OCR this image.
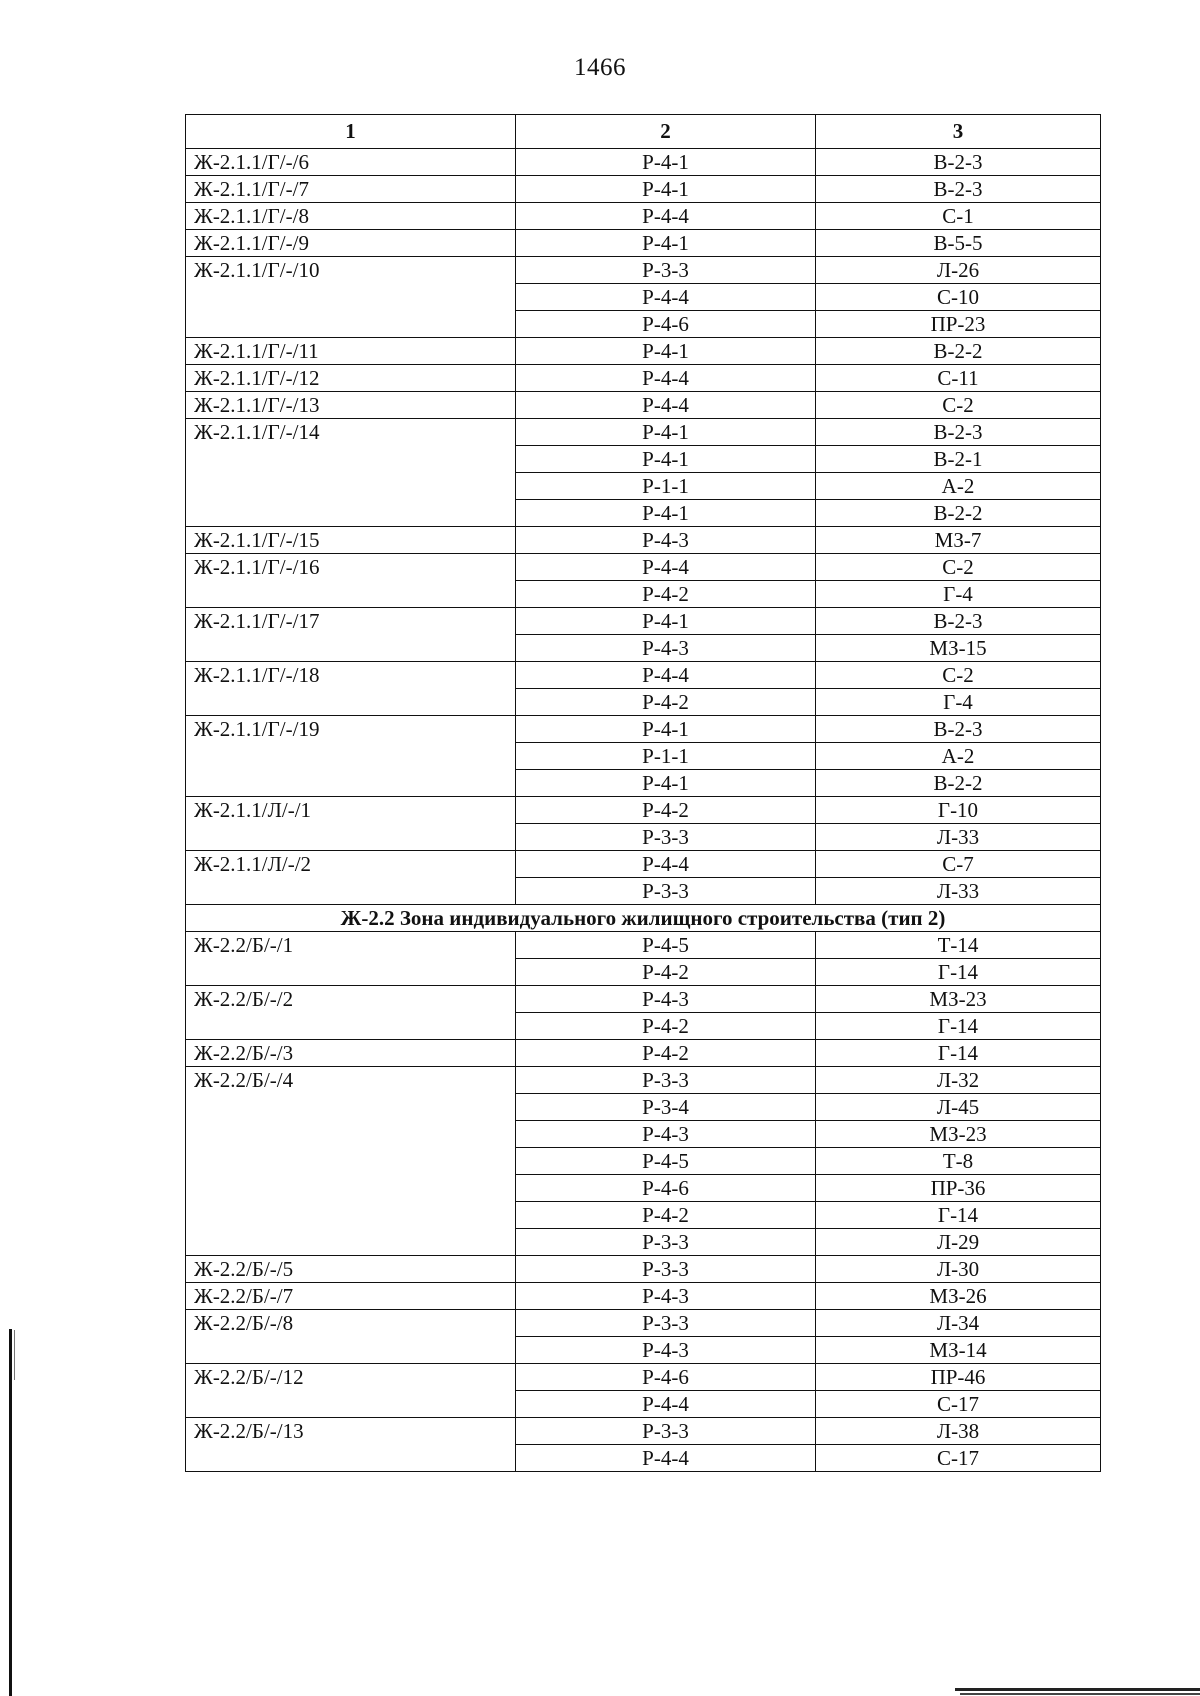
1466
1	2	3
Ж-2.1.1/Г/-/6	Р-4-1	В-2-3
Ж-2.1.1/Г/-/7	Р-4-1	В-2-3
Ж-2.1.1/Г/-/8	Р-4-4	С-1
Ж-2.1.1/Г/-/9	Р-4-1	В-5-5
Ж-2.1.1/Г/-/10	Р-3-3	Л-26
	Р-4-4	С-10
	Р-4-6	ПР-23
Ж-2.1.1/Г/-/11	Р-4-1	В-2-2
Ж-2.1.1/Г/-/12	Р-4-4	С-11
Ж-2.1.1/Г/-/13	Р-4-4	С-2
Ж-2.1.1/Г/-/14	Р-4-1	В-2-3
	Р-4-1	В-2-1
	Р-1-1	А-2
	Р-4-1	В-2-2
Ж-2.1.1/Г/-/15	Р-4-3	МЗ-7
Ж-2.1.1/Г/-/16	Р-4-4	С-2
	Р-4-2	Г-4
Ж-2.1.1/Г/-/17	Р-4-1	В-2-3
	Р-4-3	МЗ-15
Ж-2.1.1/Г/-/18	Р-4-4	С-2
	Р-4-2	Г-4
Ж-2.1.1/Г/-/19	Р-4-1	В-2-3
	Р-1-1	А-2
	Р-4-1	В-2-2
Ж-2.1.1/Л/-/1	Р-4-2	Г-10
	Р-3-3	Л-33
Ж-2.1.1/Л/-/2	Р-4-4	С-7
	Р-3-3	Л-33
Ж-2.2 Зона индивидуального жилищного строительства (тип 2)		
Ж-2.2/Б/-/1	Р-4-5	Т-14
	Р-4-2	Г-14
Ж-2.2/Б/-/2	Р-4-3	МЗ-23
	Р-4-2	Г-14
Ж-2.2/Б/-/3	Р-4-2	Г-14
Ж-2.2/Б/-/4	Р-3-3	Л-32
	Р-3-4	Л-45
	Р-4-3	МЗ-23
	Р-4-5	Т-8
	Р-4-6	ПР-36
	Р-4-2	Г-14
	Р-3-3	Л-29
Ж-2.2/Б/-/5	Р-3-3	Л-30
Ж-2.2/Б/-/7	Р-4-3	МЗ-26
Ж-2.2/Б/-/8	Р-3-3	Л-34
	Р-4-3	МЗ-14
Ж-2.2/Б/-/12	Р-4-6	ПР-46
	Р-4-4	С-17
Ж-2.2/Б/-/13	Р-3-3	Л-38
	Р-4-4	С-17
